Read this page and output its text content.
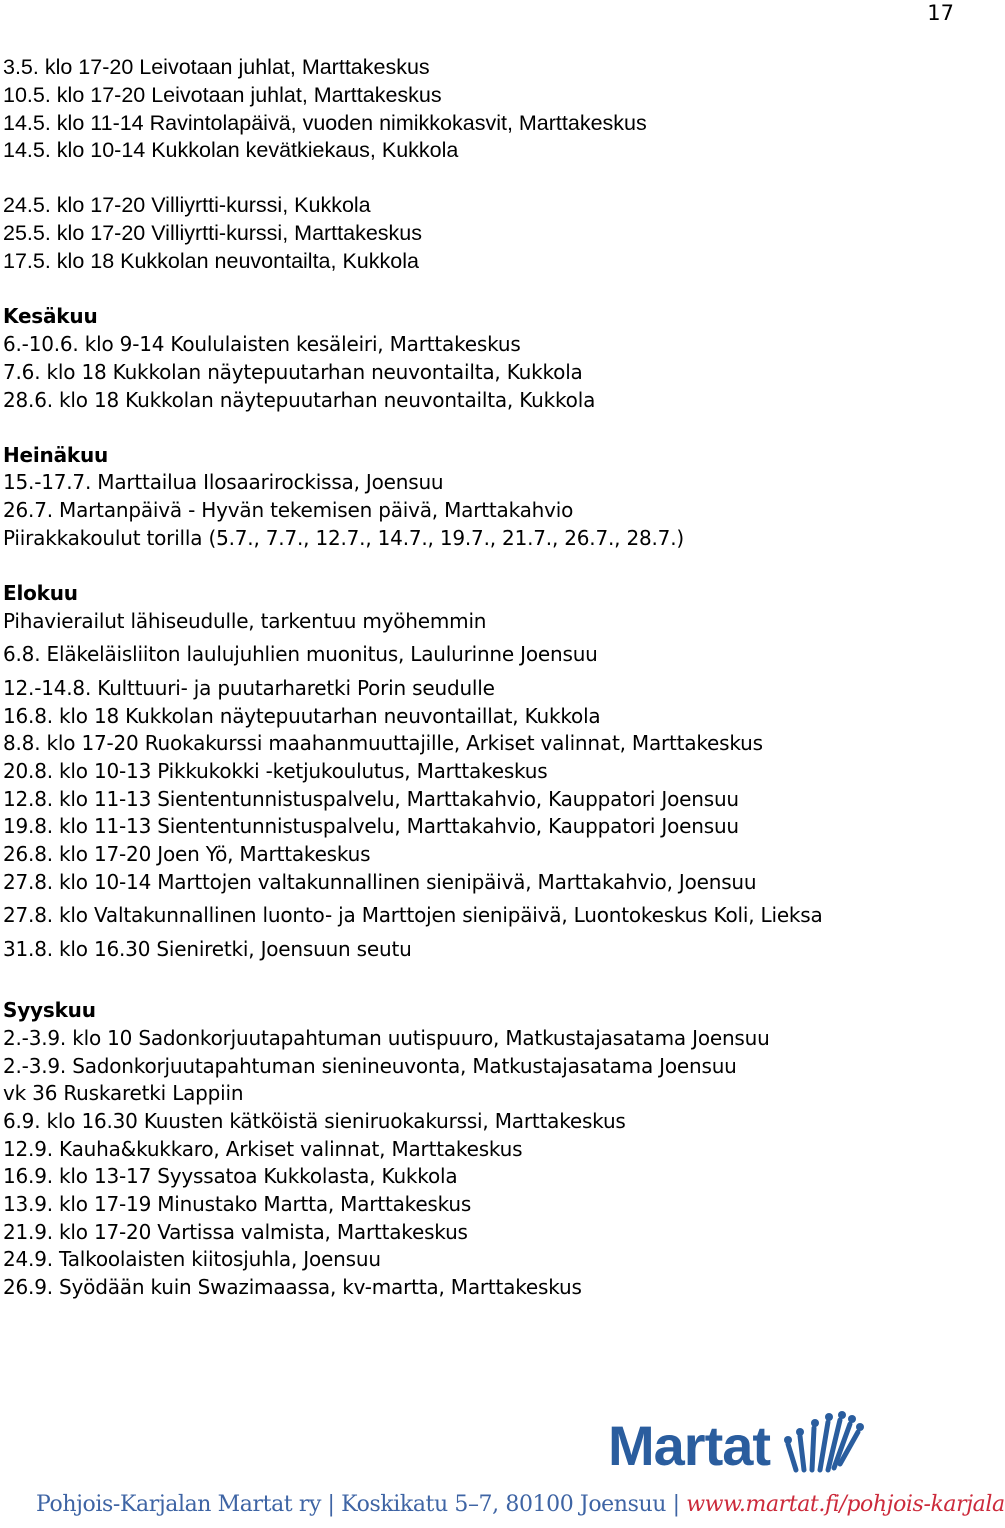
17
3.5. klo 17-20 Leivotaan juhlat, Marttakeskus
10.5. klo 17-20 Leivotaan juhlat, Marttakeskus
14.5. klo 11-14 Ravintolapäivä, vuoden nimikkokasvit, Marttakeskus
14.5. klo 10-14 Kukkolan kevätkiekaus, Kukkola
24.5. klo 17-20 Villiyrtti-kurssi, Kukkola
25.5. klo 17-20 Villiyrtti-kurssi, Marttakeskus
17.5. klo 18 Kukkolan neuvontailta, Kukkola
Kesäkuu
6.-10.6. klo 9-14 Koululaisten kesäleiri, Marttakeskus
7.6. klo 18 Kukkolan näytepuutarhan neuvontailta, Kukkola
28.6. klo 18 Kukkolan näytepuutarhan neuvontailta, Kukkola
Heinäkuu
15.-17.7. Marttailua Ilosaarirockissa, Joensuu
26.7. Martanpäivä - Hyvän tekemisen päivä, Marttakahvio
Piirakkakoulut torilla (5.7., 7.7., 12.7., 14.7., 19.7., 21.7., 26.7., 28.7.)
Elokuu
Pihavierailut lähiseudulle, tarkentuu myöhemmin
6.8. Eläkeläisliiton laulujuhlien muonitus, Laulurinne Joensuu
12.-14.8. Kulttuuri- ja puutarharetki Porin seudulle
16.8. klo 18 Kukkolan näytepuutarhan neuvontaillat, Kukkola
8.8. klo 17-20 Ruokakurssi maahanmuuttajille, Arkiset valinnat, Marttakeskus
20.8. klo 10-13 Pikkukokki -ketjukoulutus, Marttakeskus
12.8. klo 11-13 Siententunnistuspalvelu, Marttakahvio, Kauppatori Joensuu
19.8. klo 11-13 Siententunnistuspalvelu, Marttakahvio, Kauppatori Joensuu
26.8. klo 17-20 Joen Yö, Marttakeskus
27.8. klo 10-14 Marttojen valtakunnallinen sienipäivä, Marttakahvio, Joensuu
27.8. klo Valtakunnallinen luonto- ja Marttojen sienipäivä, Luontokeskus Koli, Lieksa
31.8. klo 16.30 Sieniretki, Joensuun seutu
Syyskuu
2.-3.9. klo 10 Sadonkorjuutapahtuman uutispuuro, Matkustajasatama Joensuu
2.-3.9. Sadonkorjuutapahtuman sienineuvonta, Matkustajasatama Joensuu
vk 36 Ruskaretki Lappiin
6.9. klo 16.30 Kuusten kätköistä sieniruokakurssi, Marttakeskus
12.9. Kauha&kukkaro, Arkiset valinnat, Marttakeskus
16.9. klo 13-17 Syyssatoa Kukkolasta, Kukkola
13.9. klo 17-19 Minustako Martta, Marttakeskus
21.9. klo 17-20 Vartissa valmista, Marttakeskus
24.9. Talkoolaisten kiitosjuhla, Joensuu
26.9. Syödään kuin Swazimaassa, kv-martta, Marttakeskus
Martat
Pohjois-Karjalan Martat ry | Koskikatu 5–7, 80100 Joensuu | www.martat.fi/pohjois-karjala
